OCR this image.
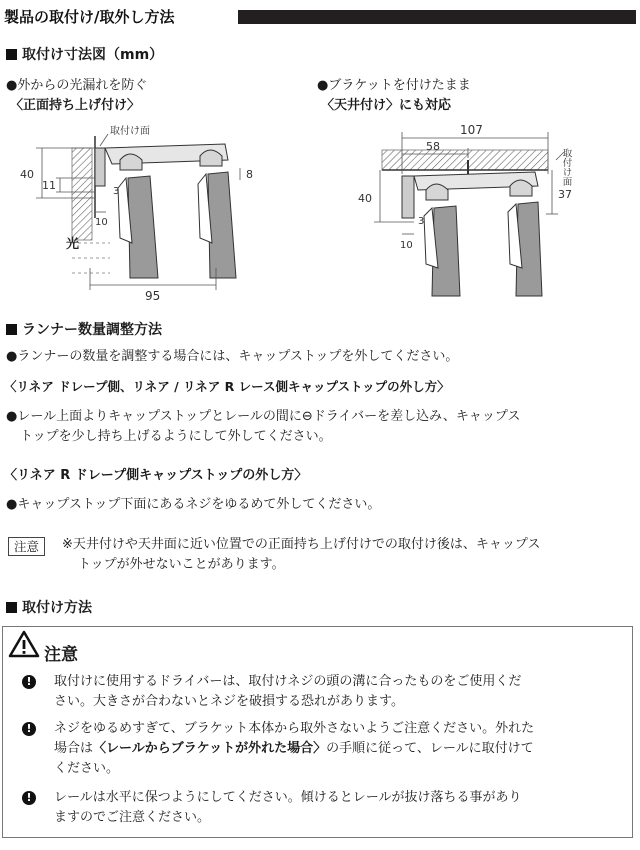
製品の取付け/取外し方法
取付け寸法図（mm）
●外からの光漏れを防ぐ
〈正面持ち上げ付け〉
●ブラケットを付けたまま
〈天井付け〉にも対応
取付け面
40
11	3
10
8
95
光
107
58
40	37
3
10
取付け面
ランナー数量調整方法
●ランナーの数量を調整する場合には、キャップストップを外してください。
〈リネア ドレープ側、リネア / リネア R レース側キャップストップの外し方〉
●レール上面よりキャップストップとレールの間に⊖ドライバーを差し込み、キャップス
トップを少し持ち上げるようにして外してください。
〈リネア R ドレープ側キャップストップの外し方〉
●キャップストップ下面にあるネジをゆるめて外してください。
注意	※天井付けや天井面に近い位置での正面持ち上げ付けでの取付け後は、キャップス
トップが外せないことがあります。
取付け方法
注意
!	取付けに使用するドライバーは、取付けネジの頭の溝に合ったものをご使用くだ
さい。大きさが合わないとネジを破損する恐れがあります。
!	ネジをゆるめすぎて、ブラケット本体から取外さないようご注意ください。外れた
場合は〈レールからブラケットが外れた場合〉の手順に従って、レールに取付けて
ください。
!	レールは水平に保つようにしてください。傾けるとレールが抜け落ちる事があり
ますのでご注意ください。
